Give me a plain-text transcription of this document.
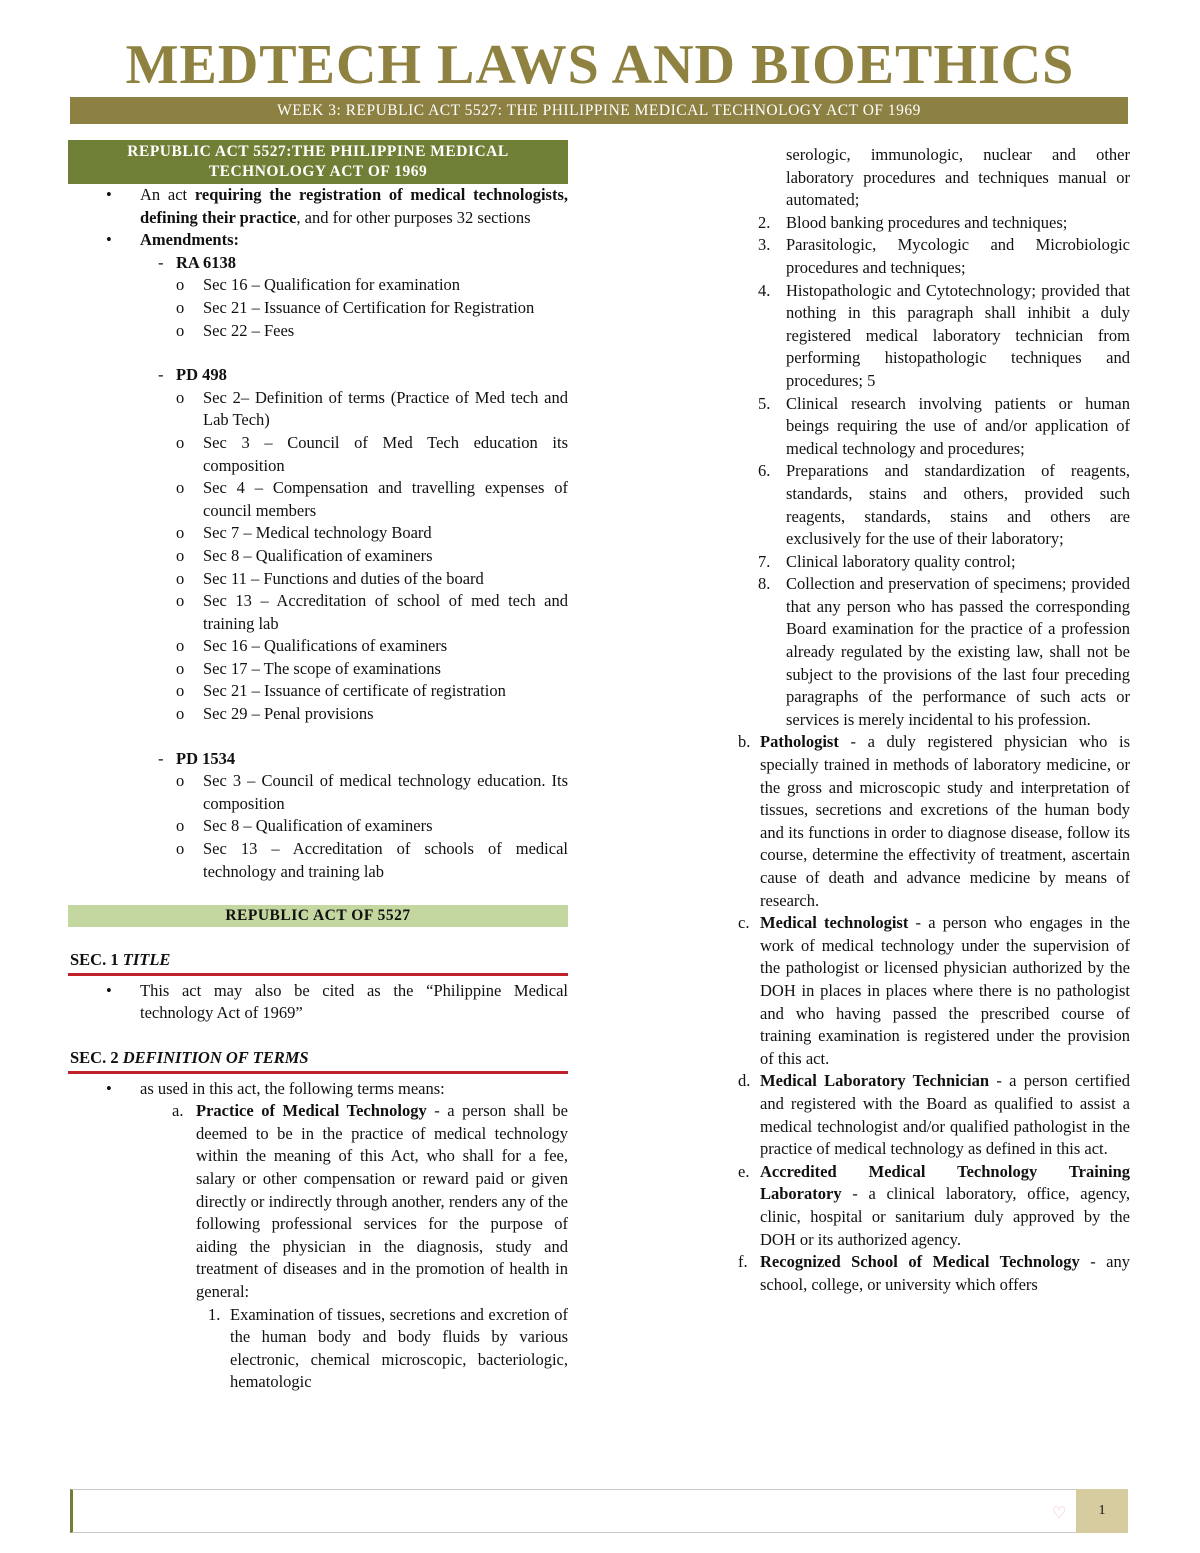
MEDTECH LAWS AND BIOETHICS
WEEK 3: REPUBLIC ACT 5527: THE PHILIPPINE MEDICAL TECHNOLOGY ACT OF 1969
REPUBLIC ACT 5527:THE PHILIPPINE MEDICAL
TECHNOLOGY ACT OF 1969
• An act requiring the registration of medical technologists, defining their practice, and for other purposes 32 sections
• Amendments:
- RA 6138
o Sec 16 – Qualification for examination
o Sec 21 – Issuance of Certification for Registration
o Sec 22 – Fees
- PD 498
o Sec 2– Definition of terms (Practice of Med tech and Lab Tech)
o Sec 3 – Council of Med Tech education its composition
o Sec 4 – Compensation and travelling expenses of council members
o Sec 7 – Medical technology Board
o Sec 8 – Qualification of examiners
o Sec 11 – Functions and duties of the board
o Sec 13 – Accreditation of school of med tech and training lab
o Sec 16 – Qualifications of examiners
o Sec 17 – The scope of examinations
o Sec 21 – Issuance of certificate of registration
o Sec 29 – Penal provisions
- PD 1534
o Sec 3 – Council of medical technology education. Its composition
o Sec 8 – Qualification of examiners
o Sec 13 – Accreditation of schools of medical technology and training lab
REPUBLIC ACT OF 5527
SEC. 1 TITLE
• This act may also be cited as the “Philippine Medical technology Act of 1969”
SEC. 2 DEFINITION OF TERMS
• as used in this act, the following terms means:
a. Practice of Medical Technology - a person shall be deemed to be in the practice of medical technology within the meaning of this Act, who shall for a fee, salary or other compensation or reward paid or given directly or indirectly through another, renders any of the following professional services for the purpose of aiding the physician in the diagnosis, study and treatment of diseases and in the promotion of health in general:
1. Examination of tissues, secretions and excretion of the human body and body fluids by various electronic, chemical microscopic, bacteriologic, hematologic
serologic, immunologic, nuclear and other laboratory procedures and techniques manual or automated;
2. Blood banking procedures and techniques;
3. Parasitologic, Mycologic and Microbiologic procedures and techniques;
4. Histopathologic and Cytotechnology; provided that nothing in this paragraph shall inhibit a duly registered medical laboratory technician from performing histopathologic techniques and procedures; 5
5. Clinical research involving patients or human beings requiring the use of and/or application of medical technology and procedures;
6. Preparations and standardization of reagents, standards, stains and others, provided such reagents, standards, stains and others are exclusively for the use of their laboratory;
7. Clinical laboratory quality control;
8. Collection and preservation of specimens; provided that any person who has passed the corresponding Board examination for the practice of a profession already regulated by the existing law, shall not be subject to the provisions of the last four preceding paragraphs of the performance of such acts or services is merely incidental to his profession.
b. Pathologist - a duly registered physician who is specially trained in methods of laboratory medicine, or the gross and microscopic study and interpretation of tissues, secretions and excretions of the human body and its functions in order to diagnose disease, follow its course, determine the effectivity of treatment, ascertain cause of death and advance medicine by means of research.
c. Medical technologist - a person who engages in the work of medical technology under the supervision of the pathologist or licensed physician authorized by the DOH in places in places where there is no pathologist and who having passed the prescribed course of training examination is registered under the provision of this act.
d. Medical Laboratory Technician - a person certified and registered with the Board as qualified to assist a medical technologist and/or qualified pathologist in the practice of medical technology as defined in this act.
e. Accredited Medical Technology Training Laboratory - a clinical laboratory, office, agency, clinic, hospital or sanitarium duly approved by the DOH or its authorized agency.
f. Recognized School of Medical Technology - any school, college, or university which offers
♡	1
